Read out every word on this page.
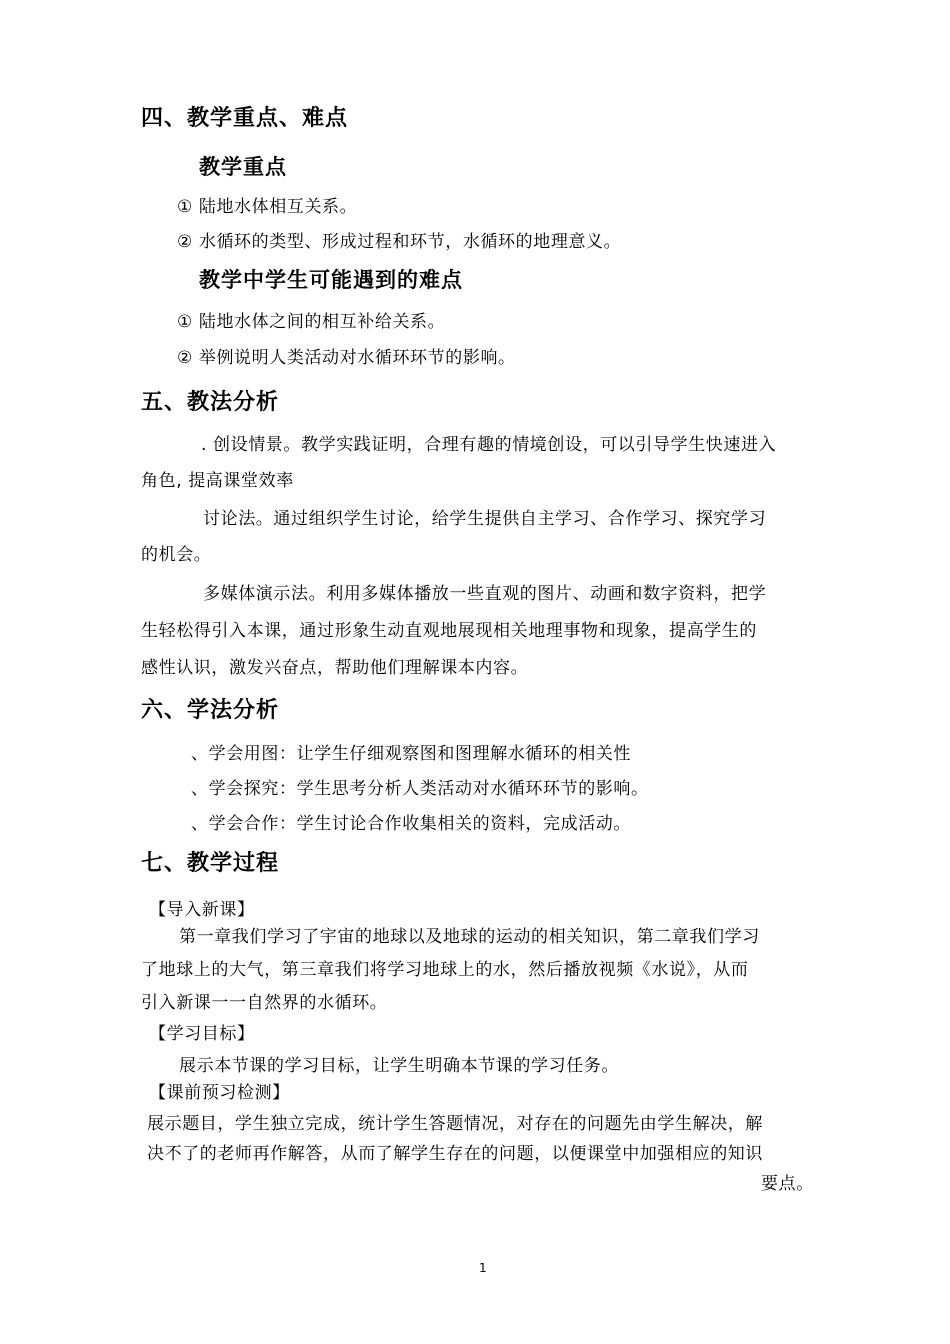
四、教学重点、难点
教学重点
① 陆地水体相互关系。
② 水循环的类型、形成过程和环节，水循环的地理意义。
教学中学生可能遇到的难点
① 陆地水体之间的相互补给关系。
② 举例说明人类活动对水循环环节的影响。
五、教法分析
. 创设情景。教学实践证明，合理有趣的情境创设，可以引导学生快速进入
角色, 提高课堂效率
讨论法。通过组织学生讨论，给学生提供自主学习、合作学习、探究学习
的机会。
多媒体演示法。利用多媒体播放一些直观的图片、动画和数字资料，把学
生轻松得引入本课，通过形象生动直观地展现相关地理事物和现象，提高学生的
感性认识，激发兴奋点，帮助他们理解课本内容。
六、学法分析
、学会用图：让学生仔细观察图和图理解水循环的相关性
、学会探究：学生思考分析人类活动对水循环环节的影响。
、学会合作：学生讨论合作收集相关的资料，完成活动。
七、教学过程
【导入新课】
第一章我们学习了宇宙的地球以及地球的运动的相关知识，第二章我们学习
了地球上的大气，第三章我们将学习地球上的水，然后播放视频《水说》，从而
引入新课一一自然界的水循环。
【学习目标】
展示本节课的学习目标，让学生明确本节课的学习任务。
【课前预习检测】
展示题目，学生独立完成，统计学生答题情况，对存在的问题先由学生解决，解
决不了的老师再作解答，从而了解学生存在的问题，以便课堂中加强相应的知识
要点。
1
